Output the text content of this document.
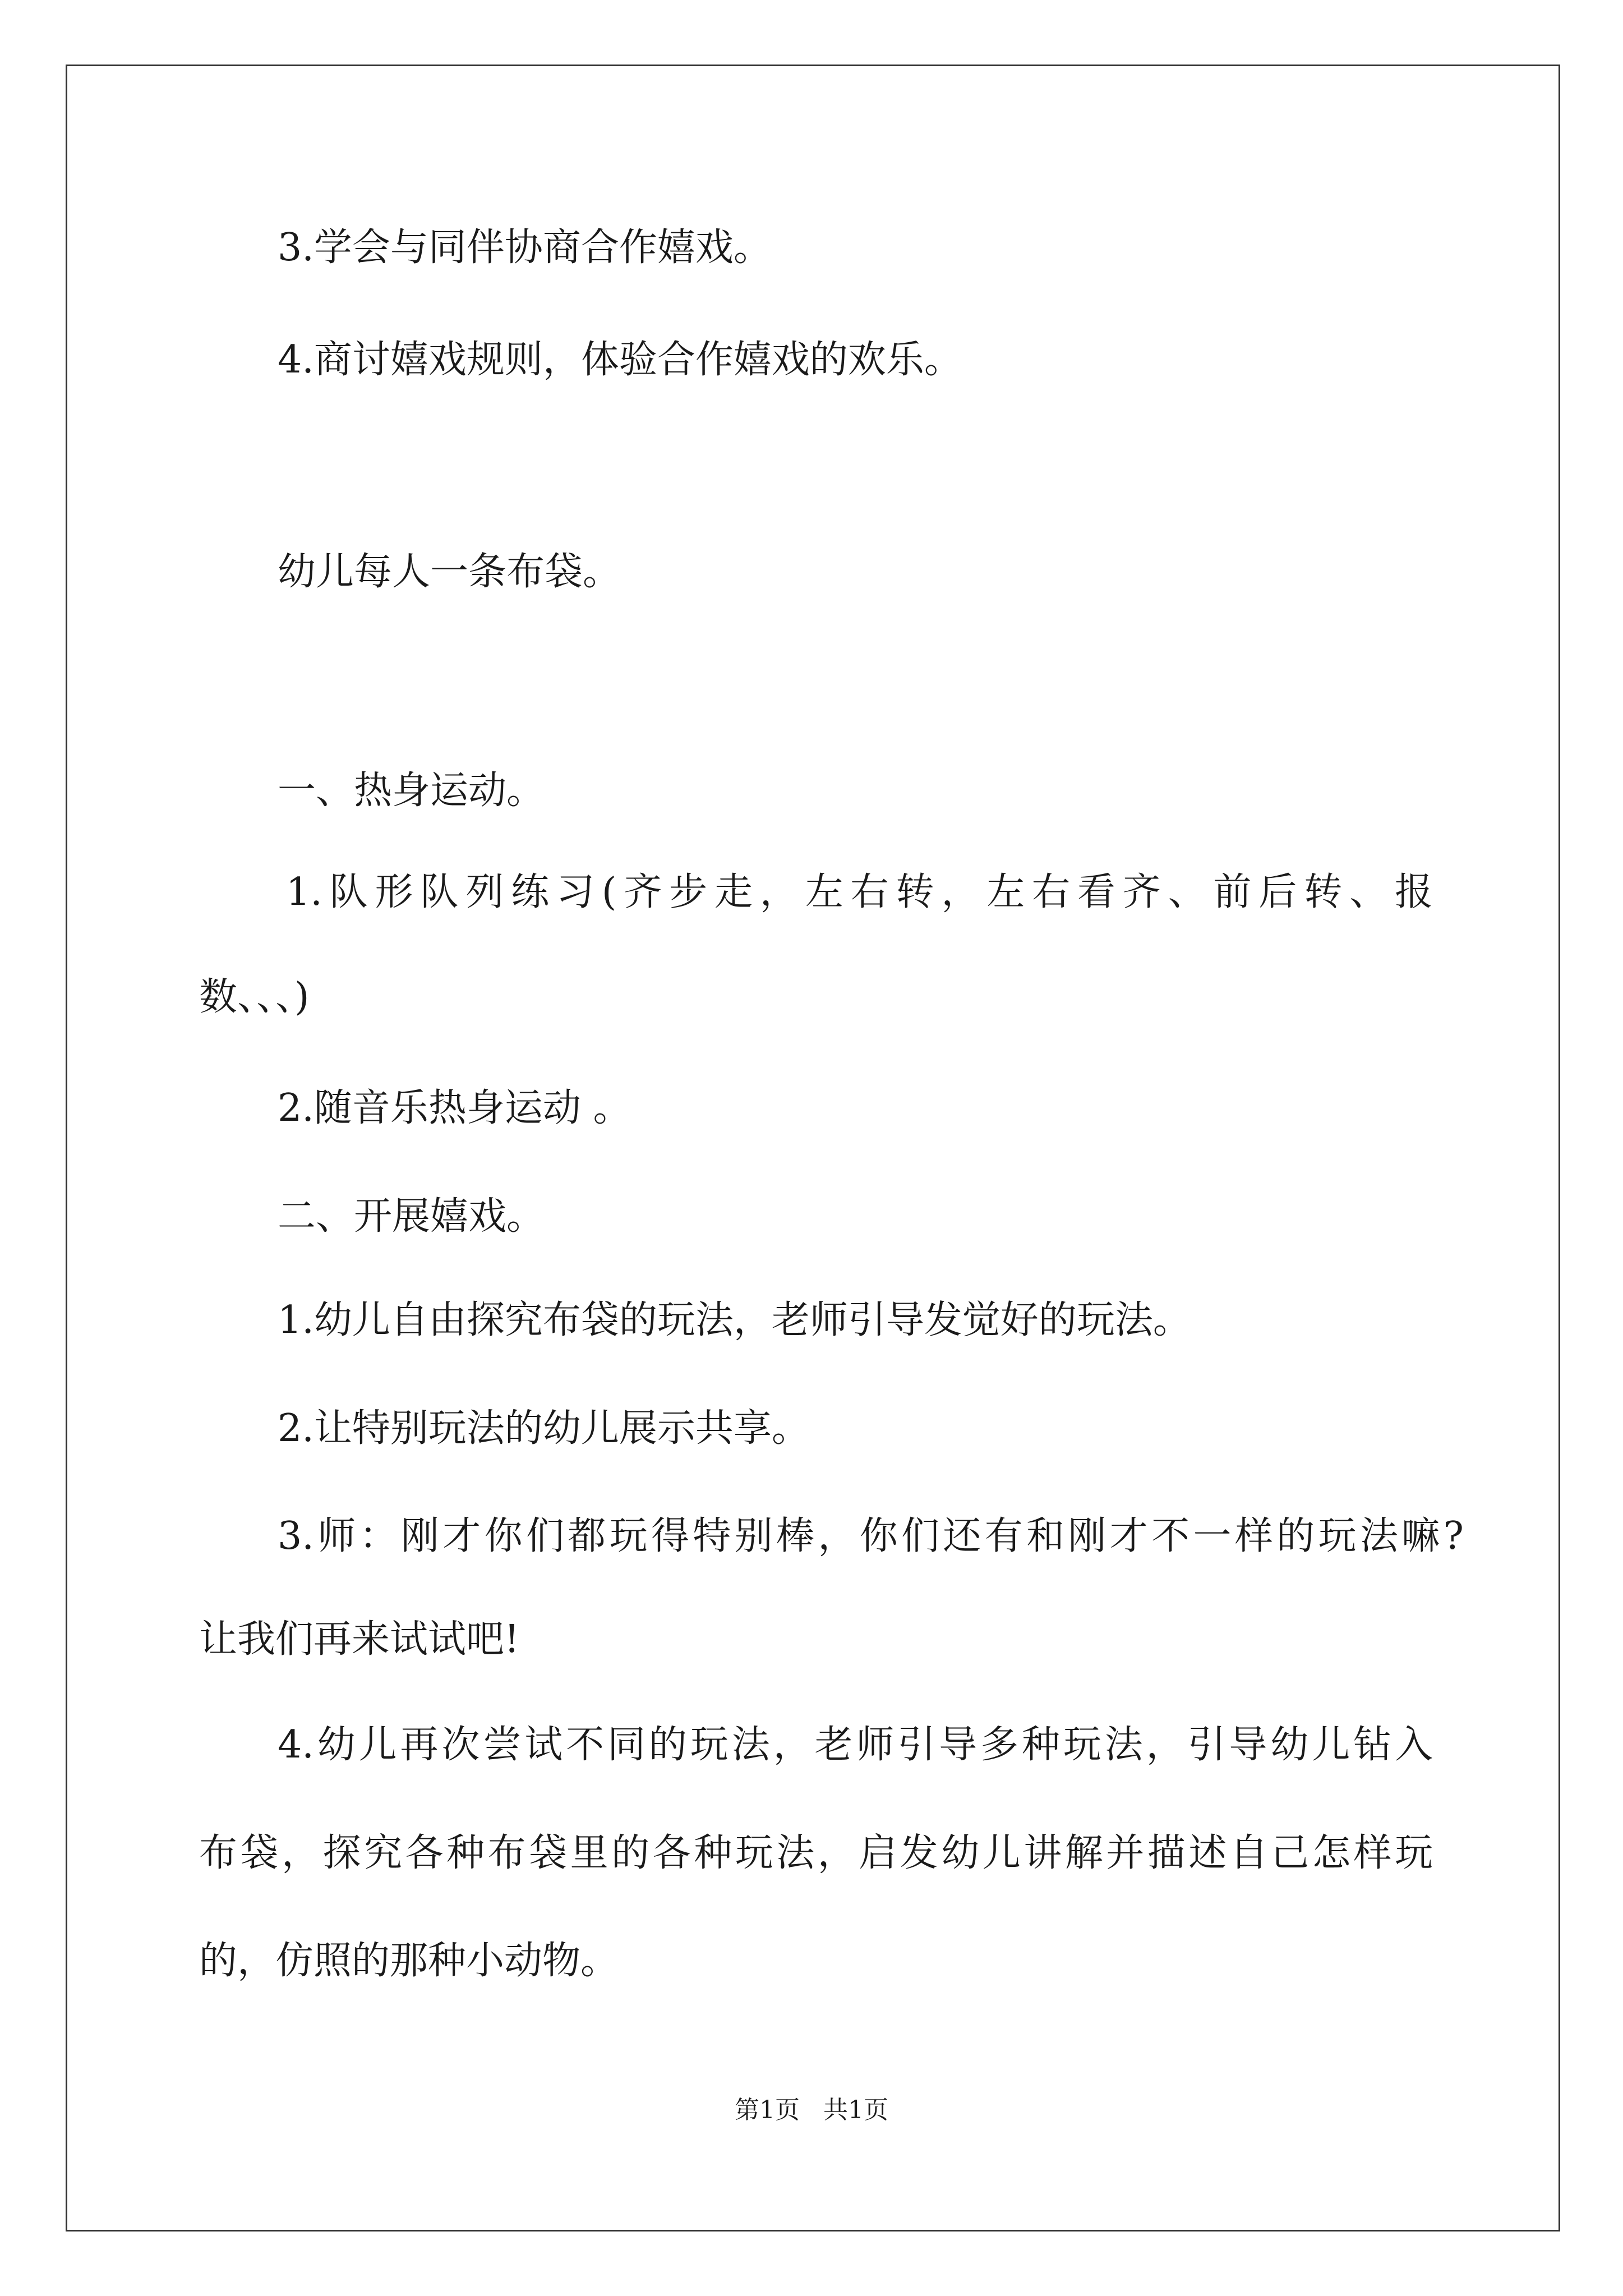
3.学会与同伴协商合作嬉戏。

4.商讨嬉戏规则，体验合作嬉戏的欢乐。

幼儿每人一条布袋。

一、热身运动。

1.队形队列练习(齐步走，左右转，左右看齐、前后转、报

数、、、)

2.随音乐热身运动 。

二、开展嬉戏。

1.幼儿自由探究布袋的玩法，老师引导发觉好的玩法。

2.让特别玩法的幼儿展示共享。

3.师：刚才你们都玩得特别棒，你们还有和刚才不一样的玩法嘛?

让我们再来试试吧!

4.幼儿再次尝试不同的玩法，老师引导多种玩法，引导幼儿钻入

布袋，探究各种布袋里的各种玩法，启发幼儿讲解并描述自己怎样玩

的，仿照的那种小动物。

第1页   共1页
